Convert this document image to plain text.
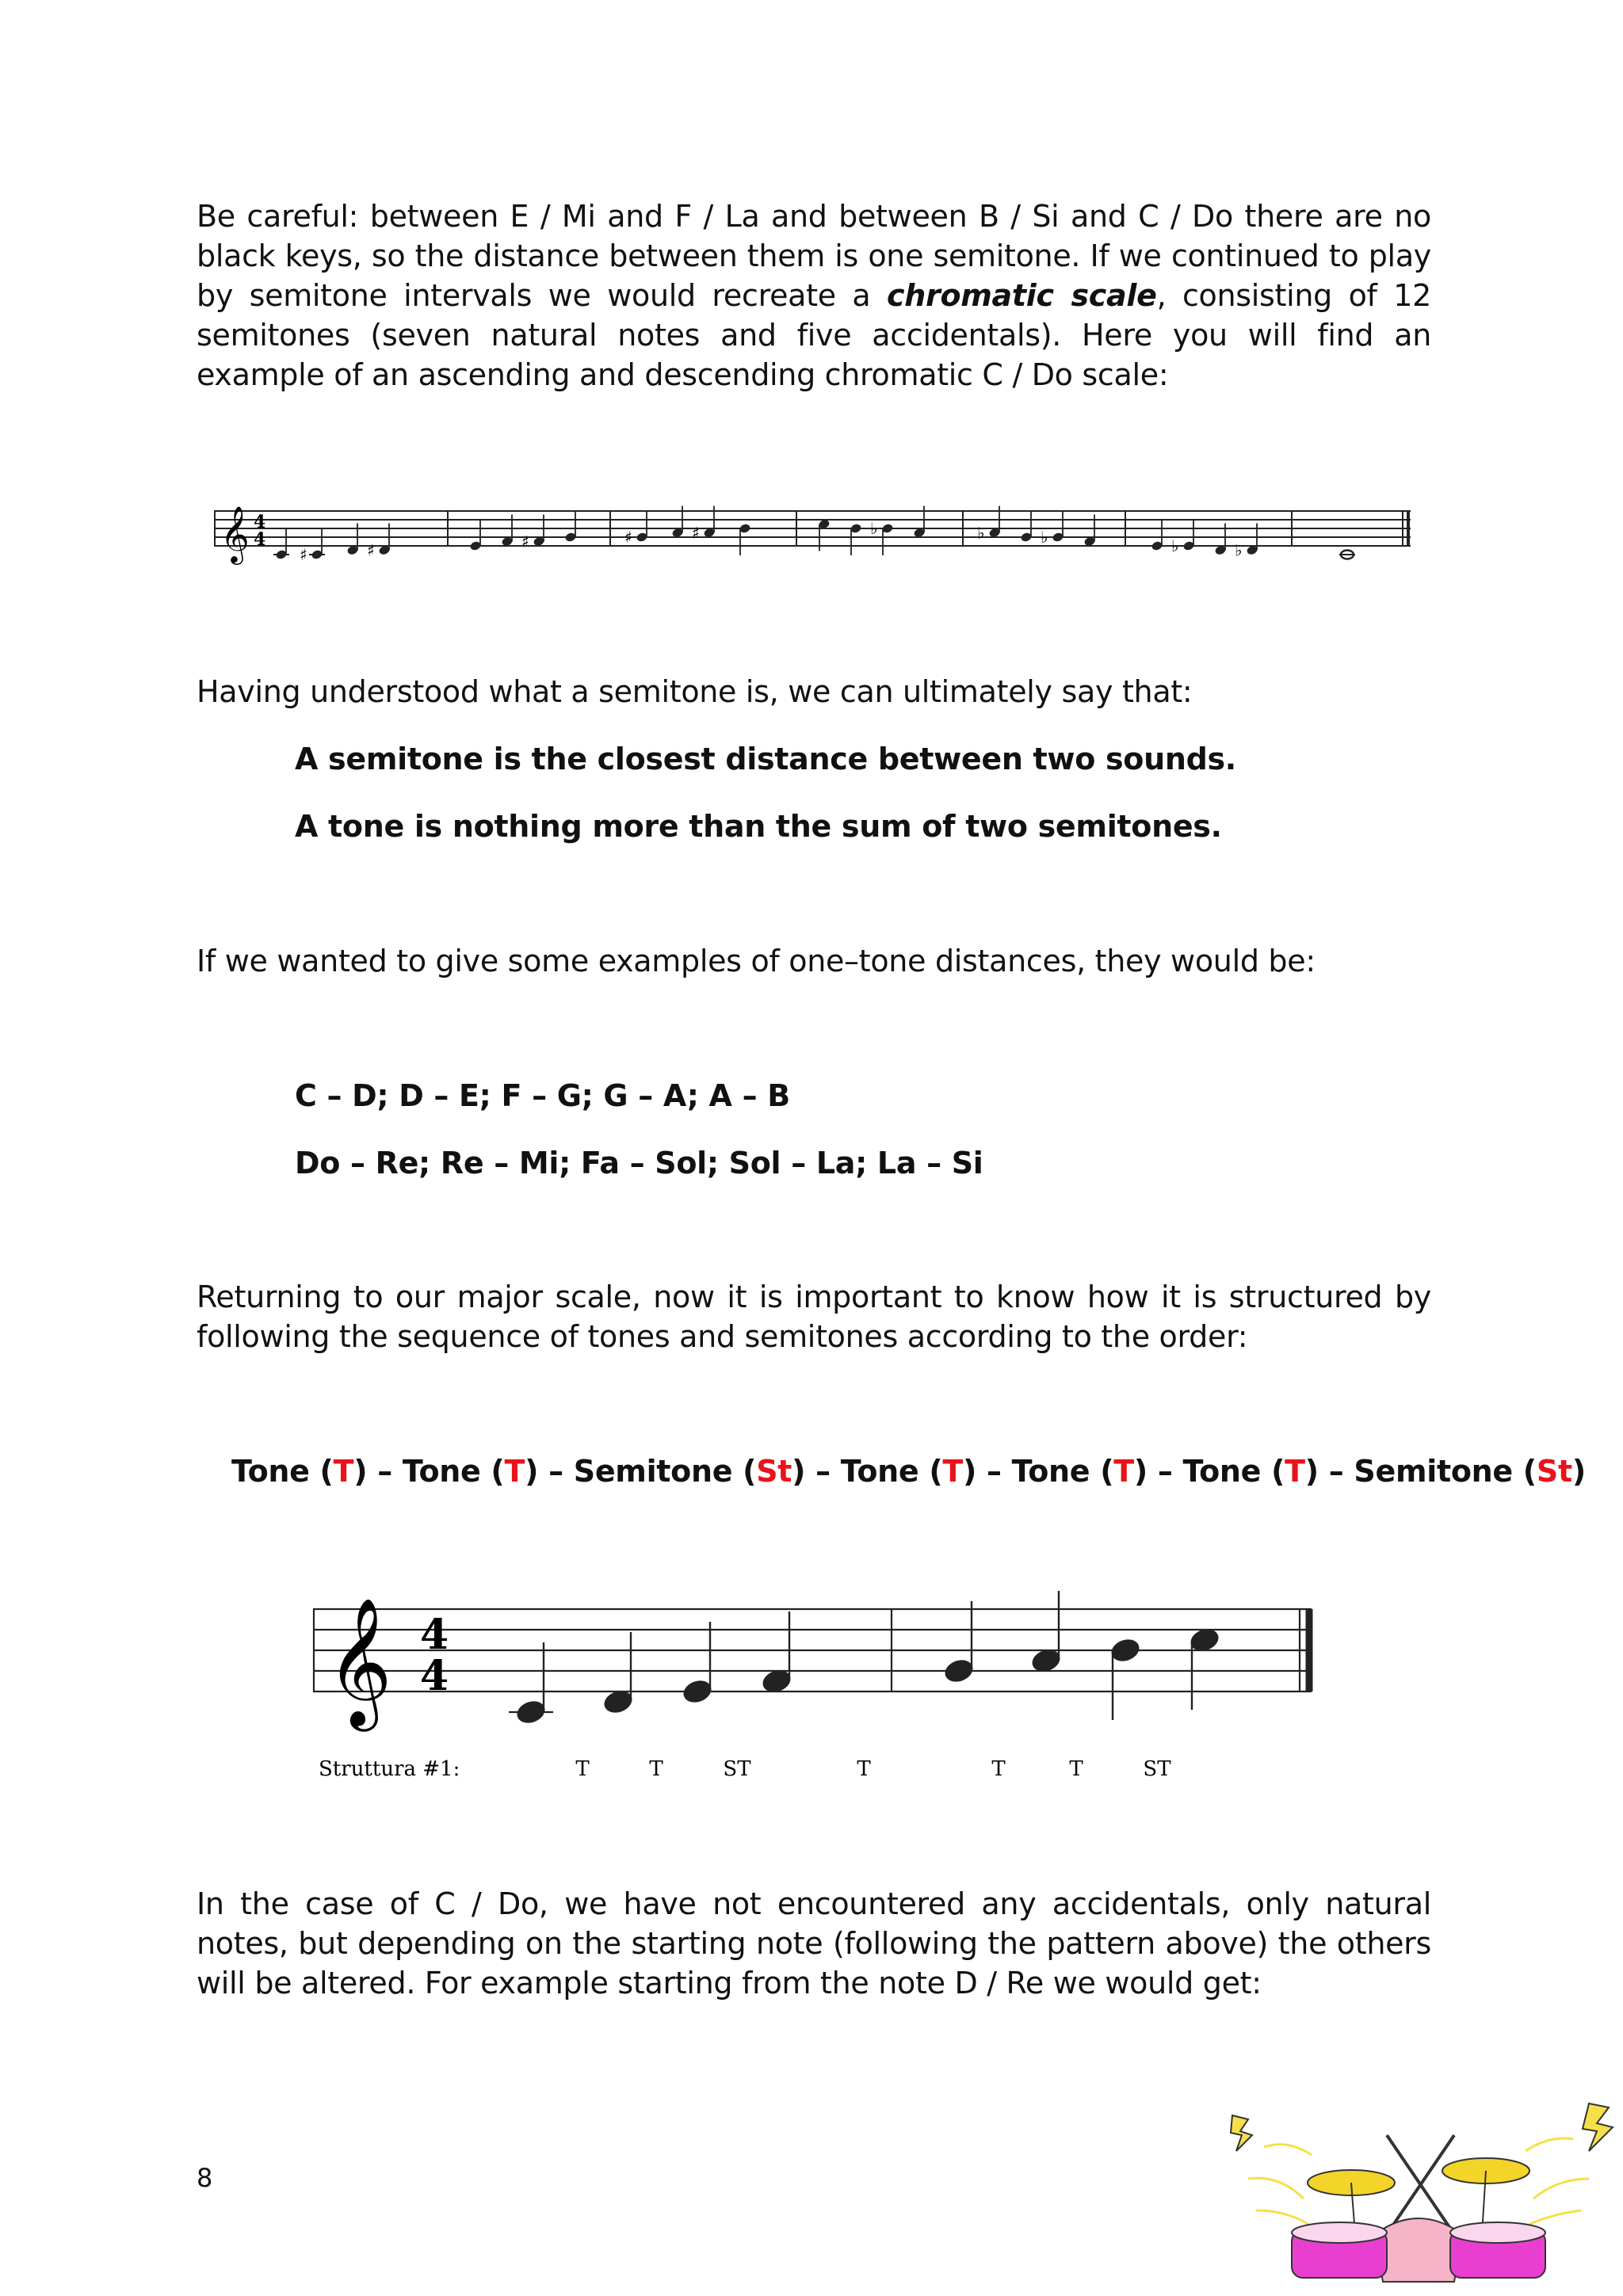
Be careful: between E / Mi and F / La and between B / Si and C / Do there are no black keys, so the distance between them is one semitone. If we continued to play by semitone intervals we would recreate a chromatic scale, consisting of 12 semitones (seven natural notes and five accidentals). Here you will find an example of an ascending and descending chromatic C / Do scale:

𝄞 4
4
♯	♯	♯	♯	♯	♭	♭	♭	♭	♭

Having understood what a semitone is, we can ultimately say that:

A semitone is the closest distance between two sounds.

A tone is nothing more than the sum of two semitones.

If we wanted to give some examples of one–tone distances, they would be:

C – D; D – E; F – G; G – A; A – B

Do – Re; Re – Mi; Fa – Sol; Sol – La; La – Si

Returning to our major scale, now it is important to know how it is structured by following the sequence of tones and semitones according to the order:

Tone (T) – Tone (T) – Semitone (St) – Tone (T) – Tone (T) – Tone (T) – Semitone (St)

𝄞 4
4
Struttura #1:	T	T	ST	T	T	T	ST

In the case of C / Do, we have not encountered any accidentals, only natural notes, but depending on the starting note (following the pattern above) the others will be altered. For example starting from the note D / Re we would get:

8
